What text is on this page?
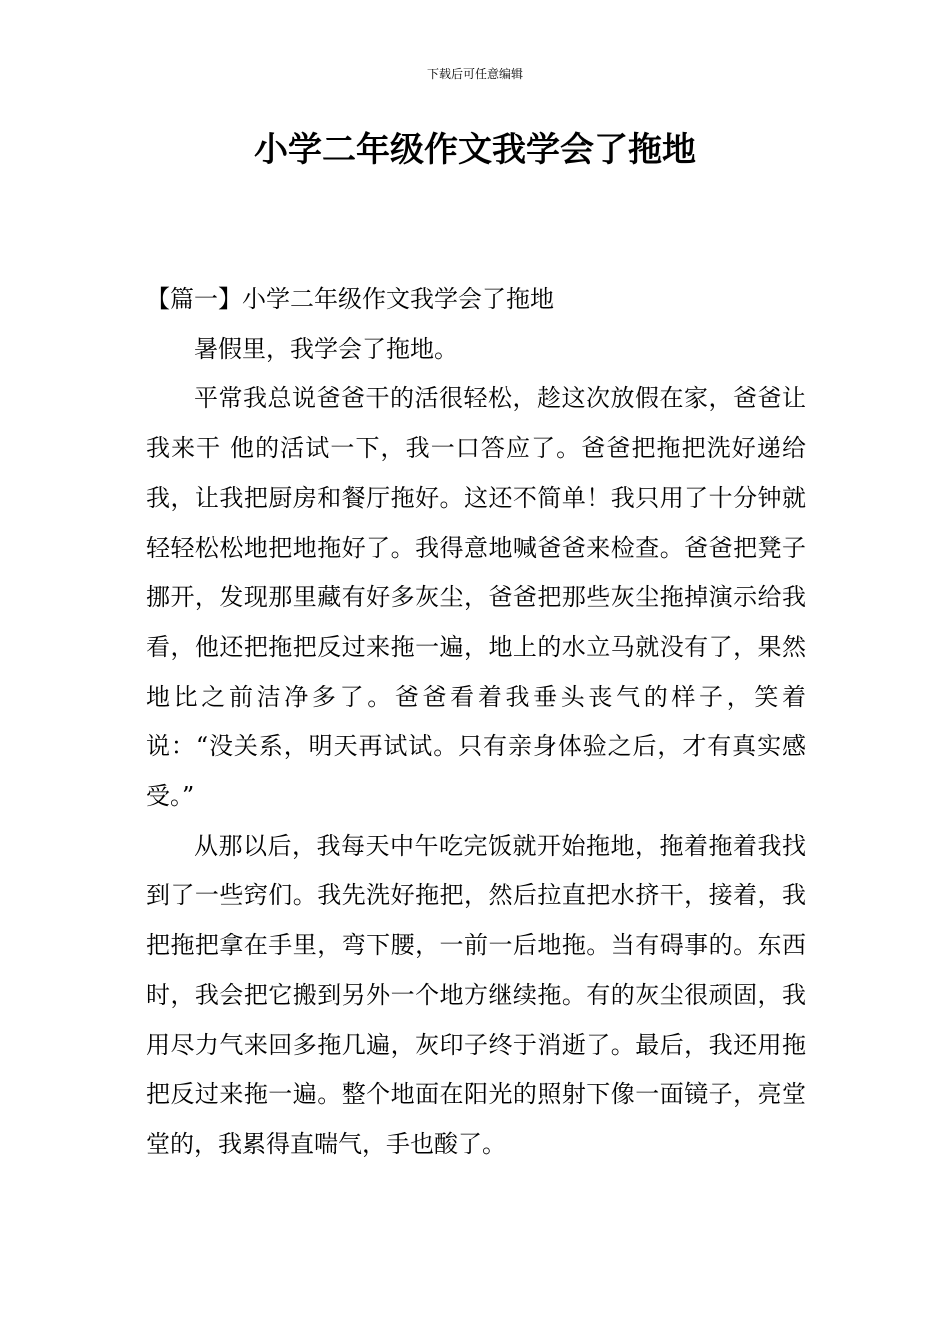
下载后可任意编辑
小学二年级作文我学会了拖地

【篇一】小学二年级作文我学会了拖地

暑假里，我学会了拖地。

平常我总说爸爸干的活很轻松，趁这次放假在家，爸爸让我来干 他的活试一下，我一口答应了。爸爸把拖把洗好递给我，让我把厨房和餐厅拖好。这还不简单！我只用了十分钟就轻轻松松地把地拖好了。我得意地喊爸爸来检查。爸爸把凳子挪开，发现那里藏有好多灰尘，爸爸把那些灰尘拖掉演示给我看，他还把拖把反过来拖一遍，地上的水立马就没有了，果然地比之前洁净多了。爸爸看着我垂头丧气的样子，笑着说：“没关系，明天再试试。只有亲身体验之后，才有真实感受。”

从那以后，我每天中午吃完饭就开始拖地，拖着拖着我找到了一些窍们。我先洗好拖把，然后拉直把水挤干，接着，我把拖把拿在手里，弯下腰，一前一后地拖。当有碍事的。东西时，我会把它搬到另外一个地方继续拖。有的灰尘很顽固，我用尽力气来回多拖几遍，灰印子终于消逝了。最后，我还用拖把反过来拖一遍。整个地面在阳光的照射下像一面镜子，亮堂堂的，我累得直喘气，手也酸了。
